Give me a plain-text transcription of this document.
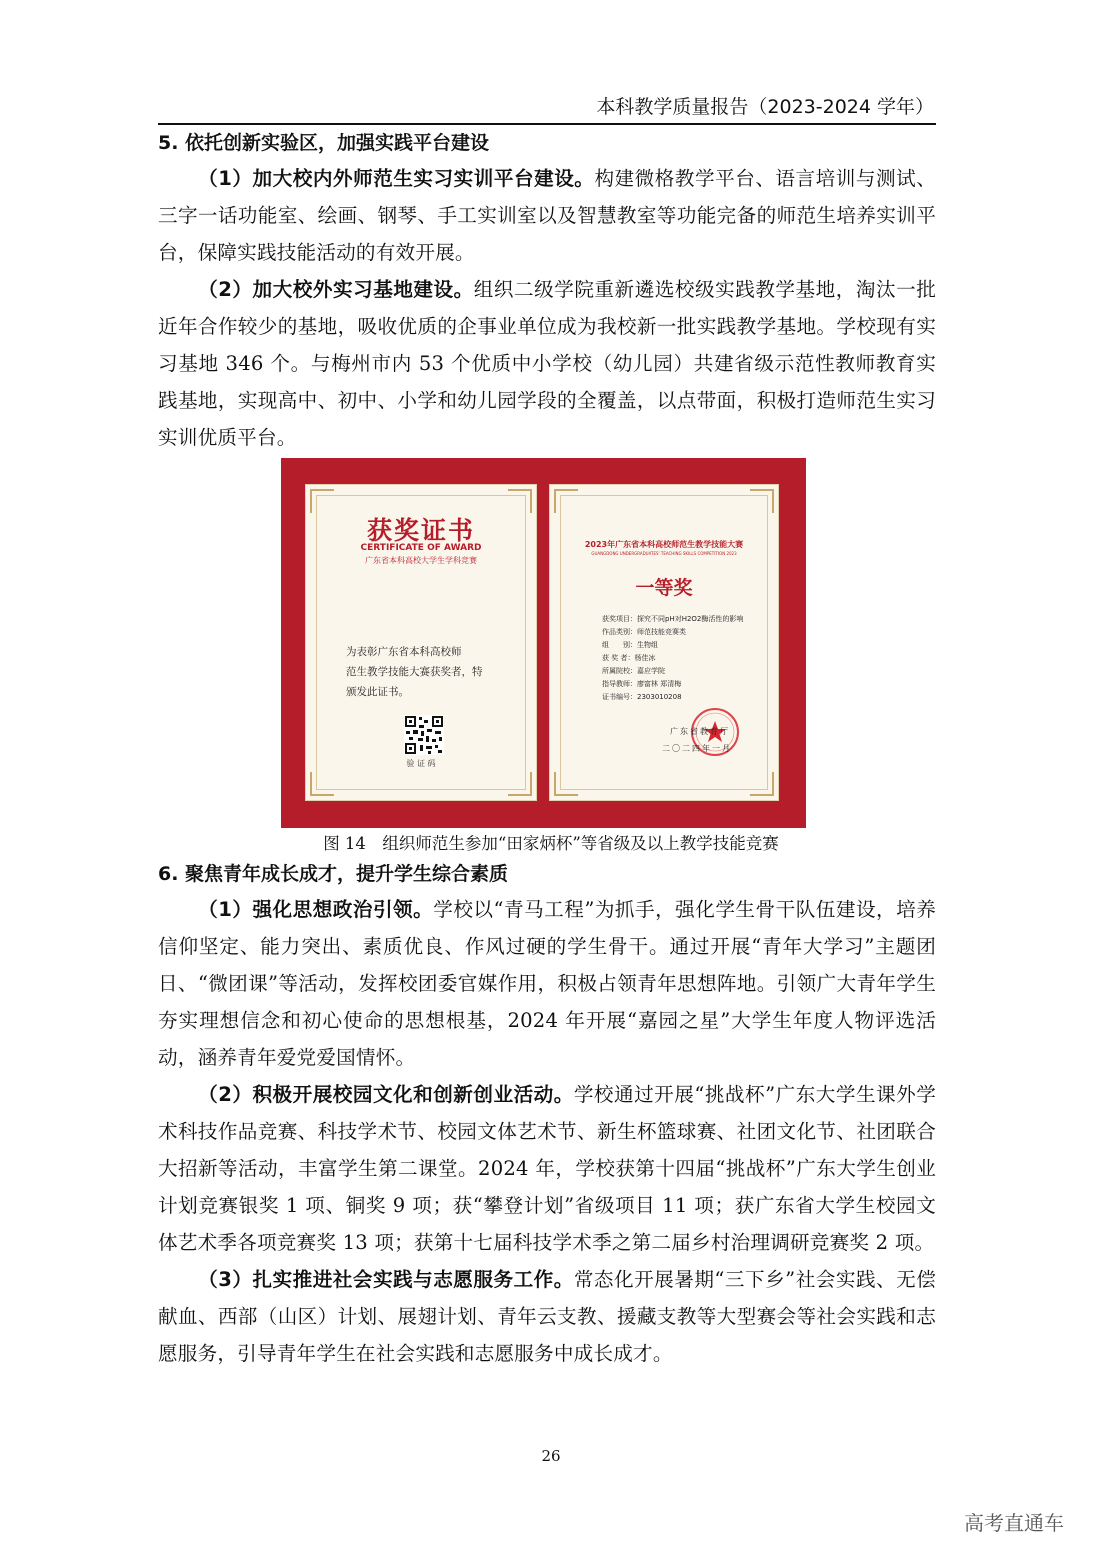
本科教学质量报告（2023-2024 学年）
5. 依托创新实验区，加强实践平台建设

（1）加大校内外师范生实习实训平台建设。构建微格教学平台、语言培训与测试、三字一话功能室、绘画、钢琴、手工实训室以及智慧教室等功能完备的师范生培养实训平台，保障实践技能活动的有效开展。

（2）加大校外实习基地建设。组织二级学院重新遴选校级实践教学基地，淘汰一批近年合作较少的基地，吸收优质的企事业单位成为我校新一批实践教学基地。学校现有实习基地 346 个。与梅州市内 53 个优质中小学校（幼儿园）共建省级示范性教师教育实践基地，实现高中、初中、小学和幼儿园学段的全覆盖，以点带面，积极打造师范生实习实训优质平台。

获奖证书
CERTIFICATE OF AWARD
广东省本科高校大学生学科竞赛
为表彰广东省本科高校师
范生教学技能大赛获奖者，特
颁发此证书。
验 证 码
2023年广东省本科高校师范生教学技能大赛
GUANGDONG UNDERGRADUATES' TEACHING SKILLS COMPETITION 2023
一等奖
获奖项目：探究不同pH对H2O2酶活性的影响
作品类别：师范技能竞赛类
组　　别：生物组
获 奖 者：杨佳冰
所属院校：嘉应学院
指导教师：廖富林 郑清梅
证书编号：2303010208
广东省教育厅
二〇二四年一月
图 14　组织师范生参加“田家炳杯”等省级及以上教学技能竞赛
6. 聚焦青年成长成才，提升学生综合素质

（1）强化思想政治引领。学校以“青马工程”为抓手，强化学生骨干队伍建设，培养信仰坚定、能力突出、素质优良、作风过硬的学生骨干。通过开展“青年大学习”主题团日、“微团课”等活动，发挥校团委官媒作用，积极占领青年思想阵地。引领广大青年学生夯实理想信念和初心使命的思想根基，2024 年开展“嘉园之星”大学生年度人物评选活动，涵养青年爱党爱国情怀。

（2）积极开展校园文化和创新创业活动。学校通过开展“挑战杯”广东大学生课外学术科技作品竞赛、科技学术节、校园文体艺术节、新生杯篮球赛、社团文化节、社团联合大招新等活动，丰富学生第二课堂。2024 年，学校获第十四届“挑战杯”广东大学生创业计划竞赛银奖 1 项、铜奖 9 项；获“攀登计划”省级项目 11 项；获广东省大学生校园文体艺术季各项竞赛奖 13 项；获第十七届科技学术季之第二届乡村治理调研竞赛奖 2 项。

（3）扎实推进社会实践与志愿服务工作。常态化开展暑期“三下乡”社会实践、无偿献血、西部（山区）计划、展翅计划、青年云支教、援藏支教等大型赛会等社会实践和志愿服务，引导青年学生在社会实践和志愿服务中成长成才。

26
高考直通车
